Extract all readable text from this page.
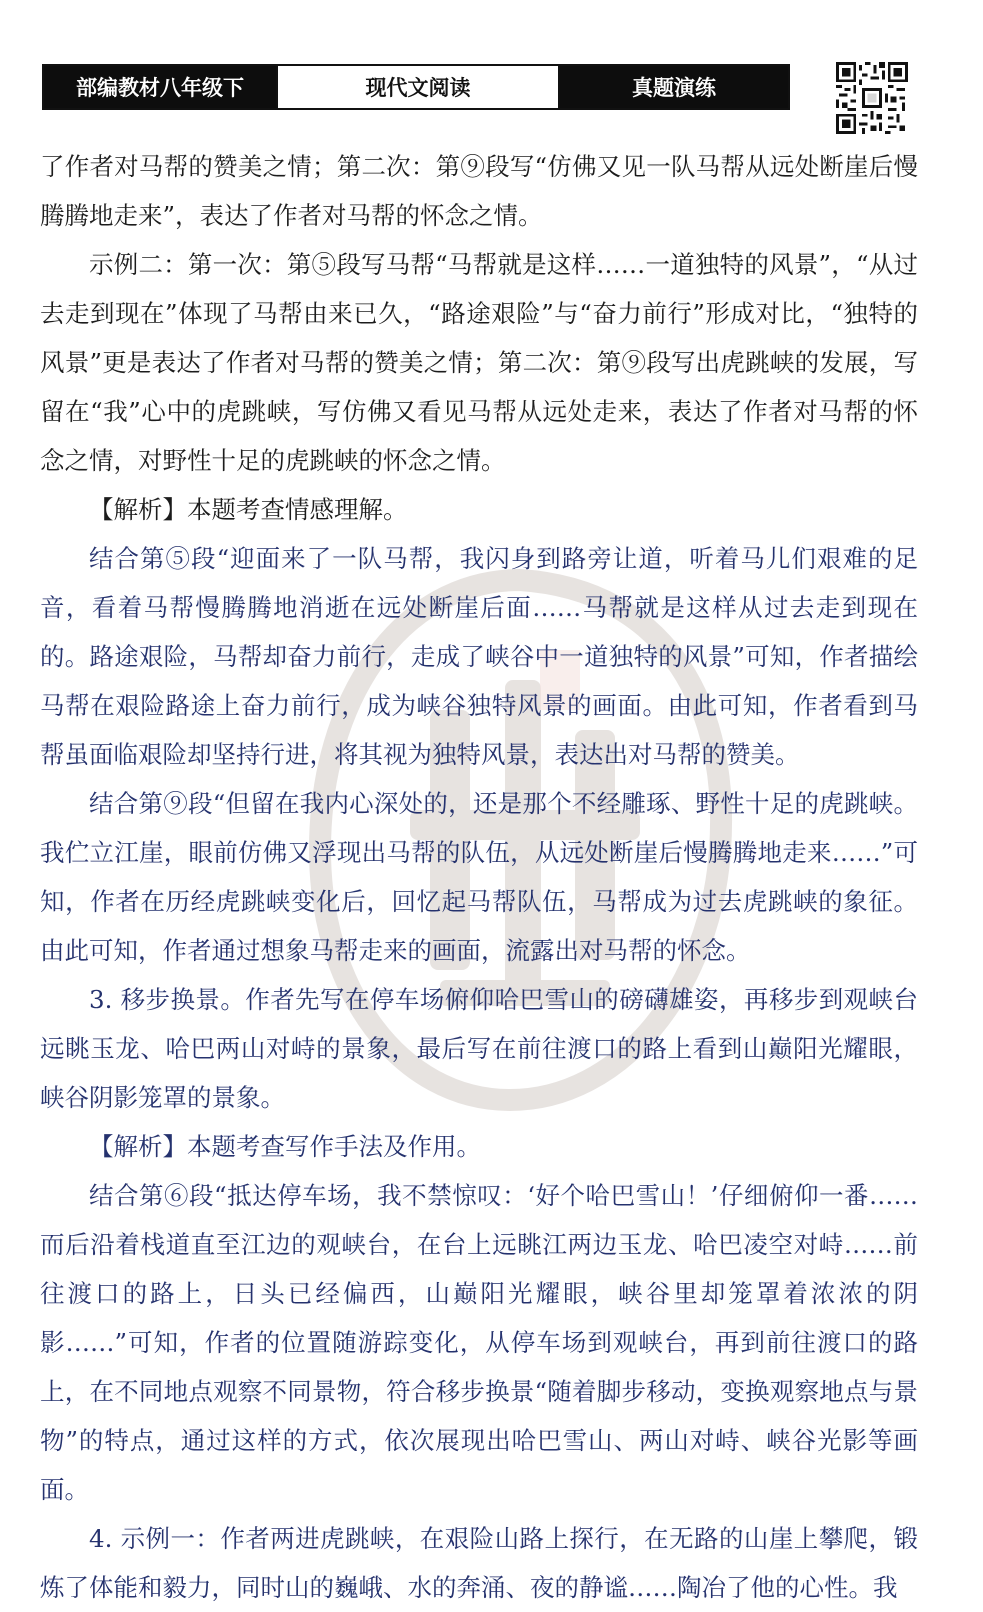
部编教材八年级下	现代文阅读	真题演练

了作者对马帮的赞美之情；第二次：第⑨段写“仿佛又见一队马帮从远处断崖后慢腾腾地走来”，表达了作者对马帮的怀念之情。

示例二：第一次：第⑤段写马帮“马帮就是这样……一道独特的风景”，“从过去走到现在”体现了马帮由来已久，“路途艰险”与“奋力前行”形成对比，“独特的风景”更是表达了作者对马帮的赞美之情；第二次：第⑨段写出虎跳峡的发展，写留在“我”心中的虎跳峡，写仿佛又看见马帮从远处走来，表达了作者对马帮的怀念之情，对野性十足的虎跳峡的怀念之情。

【解析】本题考查情感理解。

结合第⑤段“迎面来了一队马帮，我闪身到路旁让道，听着马儿们艰难的足音，看着马帮慢腾腾地消逝在远处断崖后面……马帮就是这样从过去走到现在的。路途艰险，马帮却奋力前行，走成了峡谷中一道独特的风景”可知，作者描绘马帮在艰险路途上奋力前行，成为峡谷独特风景的画面。由此可知，作者看到马帮虽面临艰险却坚持行进，将其视为独特风景，表达出对马帮的赞美。

结合第⑨段“但留在我内心深处的，还是那个不经雕琢、野性十足的虎跳峡。我伫立江崖，眼前仿佛又浮现出马帮的队伍，从远处断崖后慢腾腾地走来……”可知，作者在历经虎跳峡变化后，回忆起马帮队伍，马帮成为过去虎跳峡的象征。由此可知，作者通过想象马帮走来的画面，流露出对马帮的怀念。

3. 移步换景。作者先写在停车场俯仰哈巴雪山的磅礴雄姿，再移步到观峡台远眺玉龙、哈巴两山对峙的景象，最后写在前往渡口的路上看到山巅阳光耀眼，峡谷阴影笼罩的景象。

【解析】本题考查写作手法及作用。

结合第⑥段“抵达停车场，我不禁惊叹：‘好个哈巴雪山！’仔细俯仰一番……而后沿着栈道直至江边的观峡台，在台上远眺江两边玉龙、哈巴凌空对峙……前往渡口的路上，日头已经偏西，山巅阳光耀眼，峡谷里却笼罩着浓浓的阴影……”可知，作者的位置随游踪变化，从停车场到观峡台，再到前往渡口的路上，在不同地点观察不同景物，符合移步换景“随着脚步移动，变换观察地点与景物”的特点，通过这样的方式，依次展现出哈巴雪山、两山对峙、峡谷光影等画面。

4. 示例一：作者两进虎跳峡，在艰险山路上探行，在无路的山崖上攀爬，锻炼了体能和毅力，同时山的巍峨、水的奔涌、夜的静谧……陶冶了他的心性。我
